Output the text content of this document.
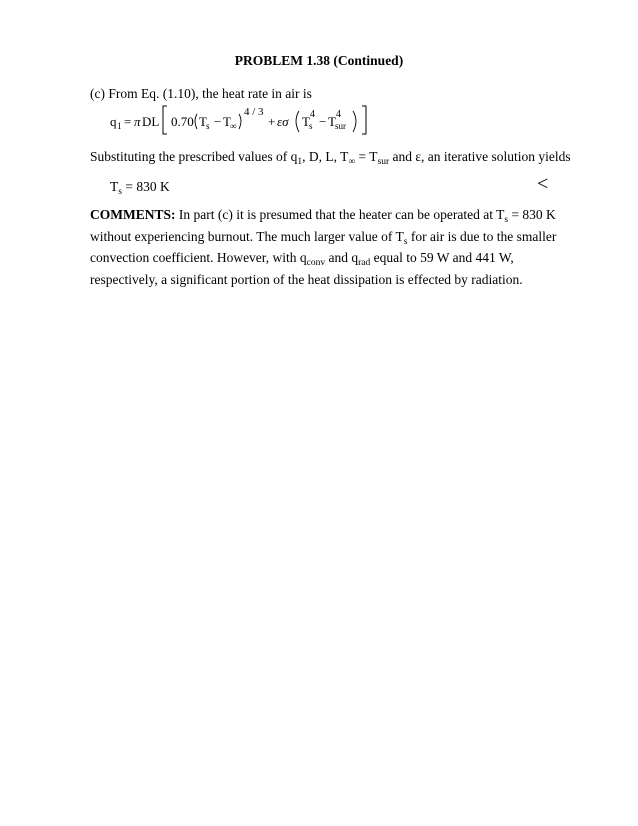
PROBLEM 1.38 (Continued)
(c) From Eq. (1.10), the heat rate in air is
q 1 = π DL 0.70 T s − T ∞
4 / 3
+ εσ T 4
s − T 4
sur
Substituting the prescribed values of $q_1$, D, L, $T_\infty = T_{sur}$ and ε, an iterative solution yields
$T_s = 830$ K	<
COMMENTS: In part (c) it is presumed that the heater can be operated at $T_s = 830$ K without experiencing burnout. The much larger value of $T_s$ for air is due to the smaller convection coefficient. However, with $q_{conv}$ and $q_{rad}$ equal to 59 W and 441 W, respectively, a significant portion of the heat dissipation is effected by radiation.
